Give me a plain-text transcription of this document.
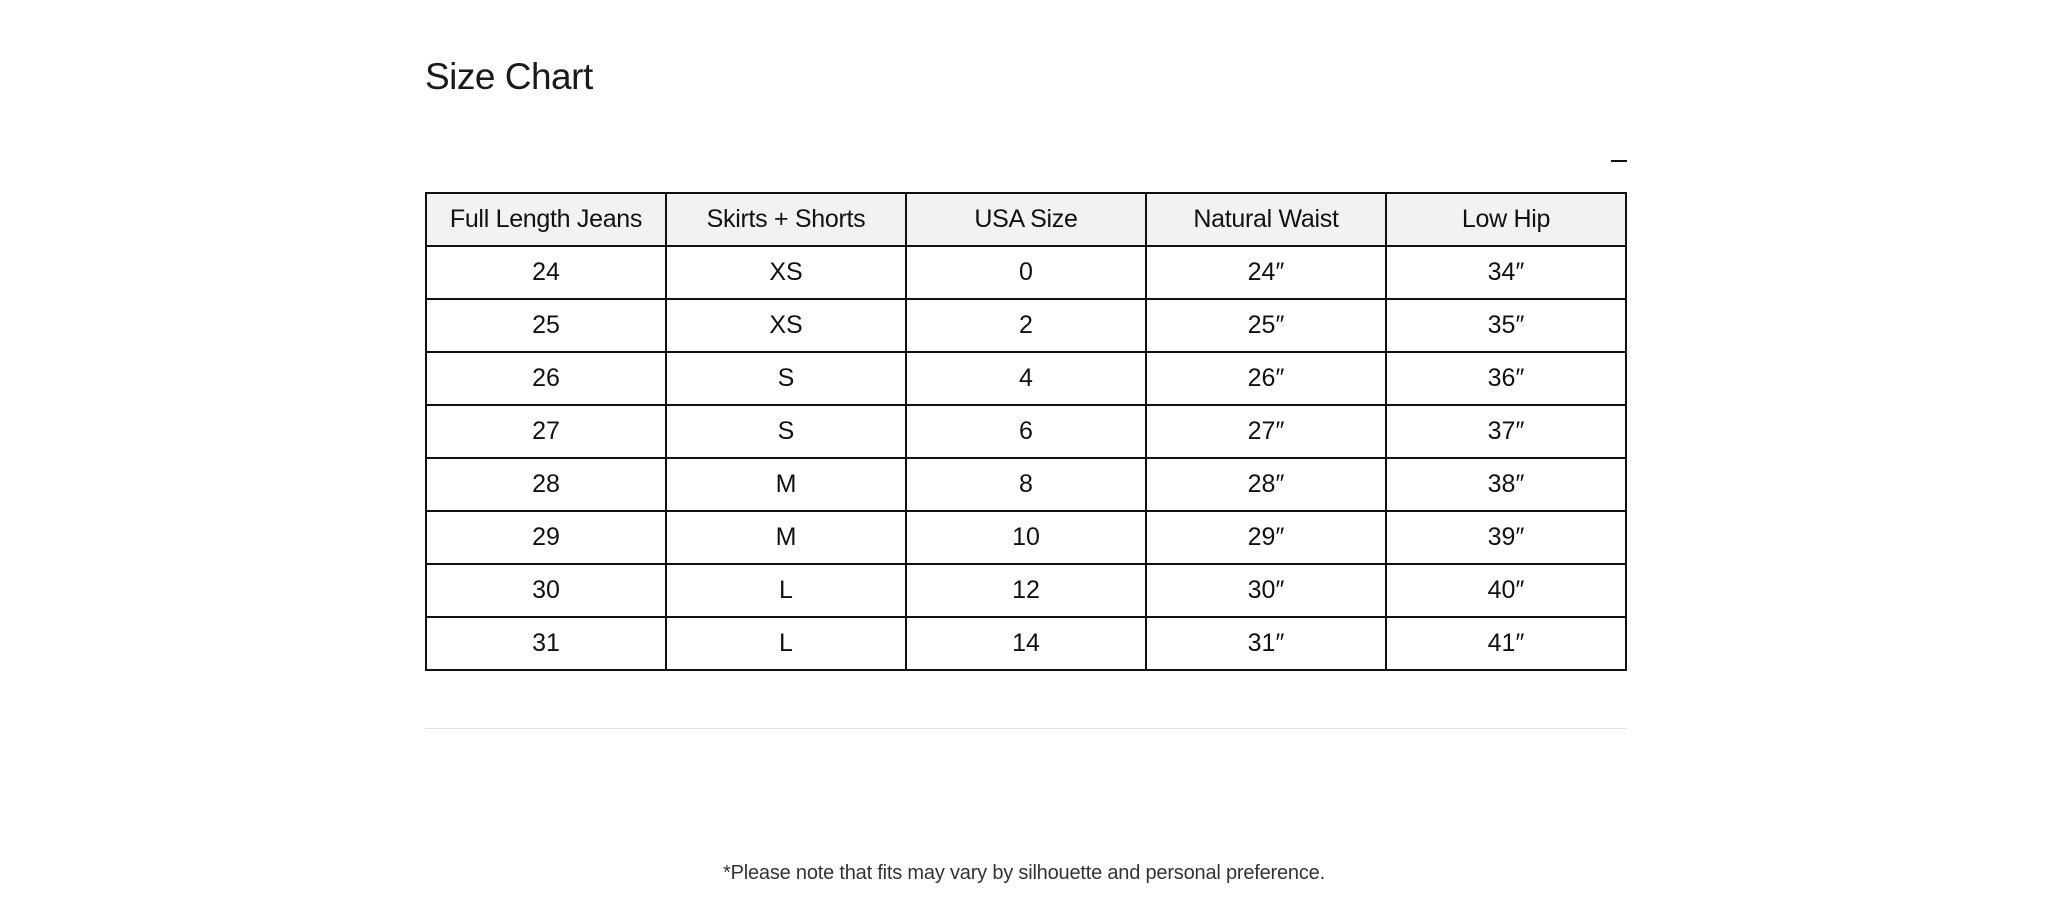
Size Chart
Full Length Jeans	Skirts + Shorts	USA Size	Natural Waist	Low Hip
24	XS	0	24″	34″
25	XS	2	25″	35″
26	S	4	26″	36″
27	S	6	27″	37″
28	M	8	28″	38″
29	M	10	29″	39″
30	L	12	30″	40″
31	L	14	31″	41″
*Please note that fits may vary by silhouette and personal preference.
